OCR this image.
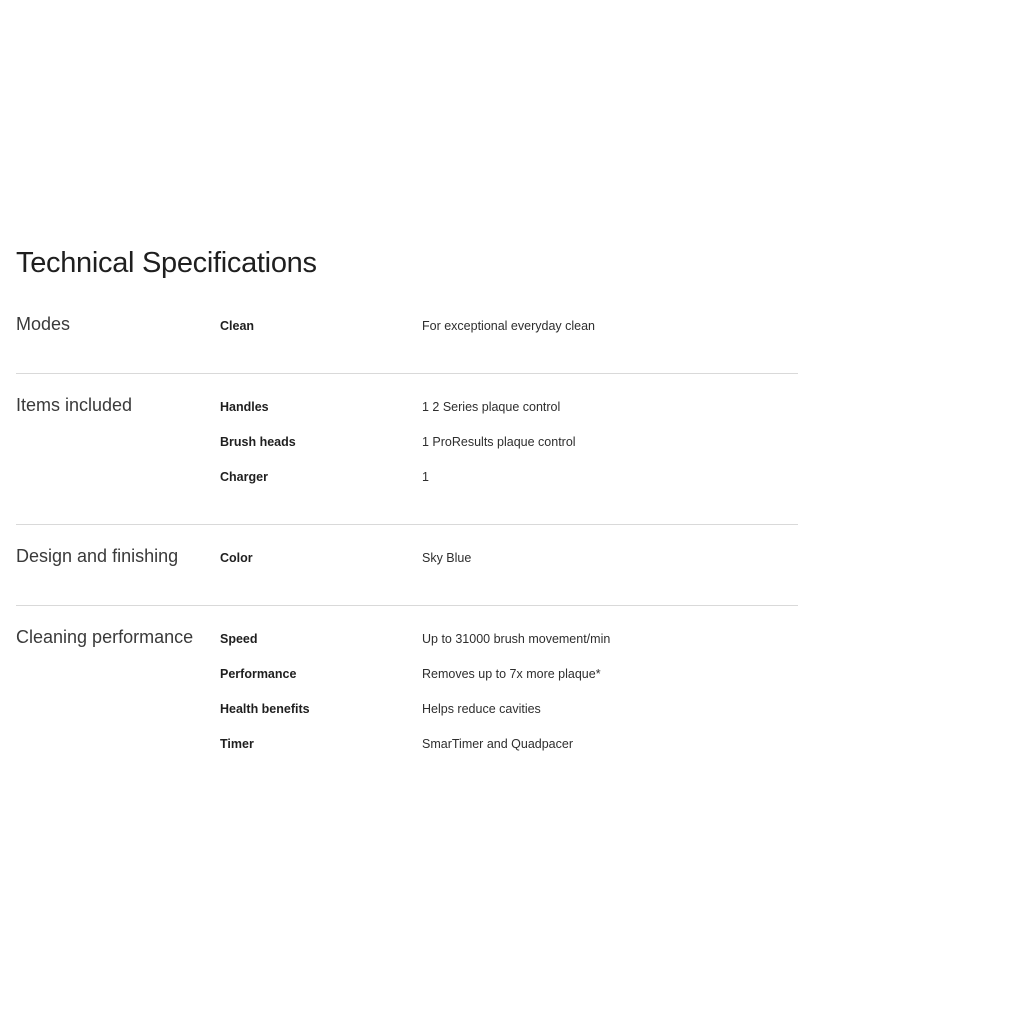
Technical Specifications
Modes	Clean	For exceptional everyday clean
Items included	Handles	1 2 Series plaque control
Brush heads	1 ProResults plaque control
Charger	1
Design and finishing	Color	Sky Blue
Cleaning performance	Speed	Up to 31000 brush movement/min
Performance	Removes up to 7x more plaque*
Health benefits	Helps reduce cavities
Timer	SmarTimer and Quadpacer
